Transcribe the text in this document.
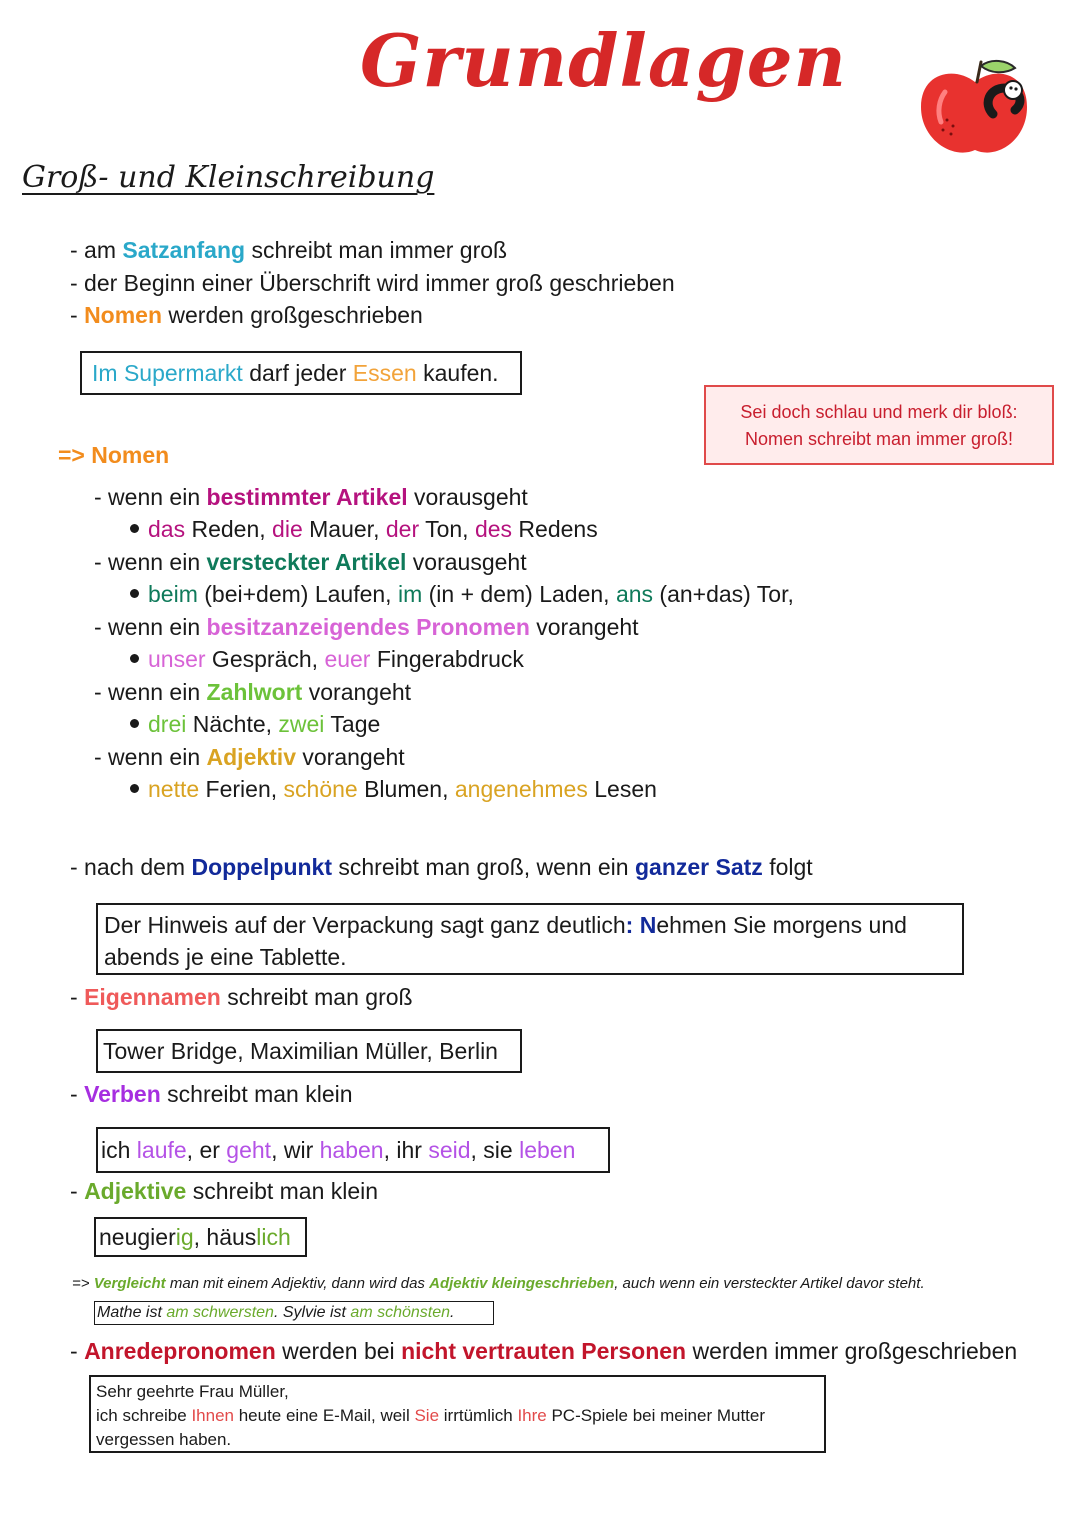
Grundlagen
Groß- und Kleinschreibung
- am Satzanfang schreibt man immer groß
- der Beginn einer Überschrift wird immer groß geschrieben
- Nomen werden großgeschrieben
Im Supermarkt darf jeder Essen kaufen.
Sei doch schlau und merk dir bloß:
Nomen schreibt man immer groß!
=> Nomen
- wenn ein bestimmter Artikel vorausgeht
das Reden, die Mauer, der Ton, des Redens
- wenn ein versteckter Artikel vorausgeht
beim (bei+dem) Laufen, im (in + dem) Laden, ans (an+das) Tor,
- wenn ein besitzanzeigendes Pronomen vorangeht
unser Gespräch, euer Fingerabdruck
- wenn ein Zahlwort vorangeht
drei Nächte, zwei Tage
- wenn ein Adjektiv vorangeht
nette Ferien, schöne Blumen, angenehmes Lesen
- nach dem Doppelpunkt schreibt man groß, wenn ein ganzer Satz folgt
Der Hinweis auf der Verpackung sagt ganz deutlich: Nehmen Sie morgens und
abends je eine Tablette.
- Eigennamen schreibt man groß
Tower Bridge, Maximilian Müller, Berlin
- Verben schreibt man klein
ich laufe, er geht, wir haben, ihr seid, sie leben
- Adjektive schreibt man klein
neugierig, häuslich
=> Vergleicht man mit einem Adjektiv, dann wird das Adjektiv kleingeschrieben, auch wenn ein versteckter Artikel davor steht.
Mathe ist am schwersten. Sylvie ist am schönsten.
- Anredepronomen werden bei nicht vertrauten Personen werden immer großgeschrieben
Sehr geehrte Frau Müller,
ich schreibe Ihnen heute eine E-Mail, weil Sie irrtümlich Ihre PC-Spiele bei meiner Mutter
vergessen haben.
